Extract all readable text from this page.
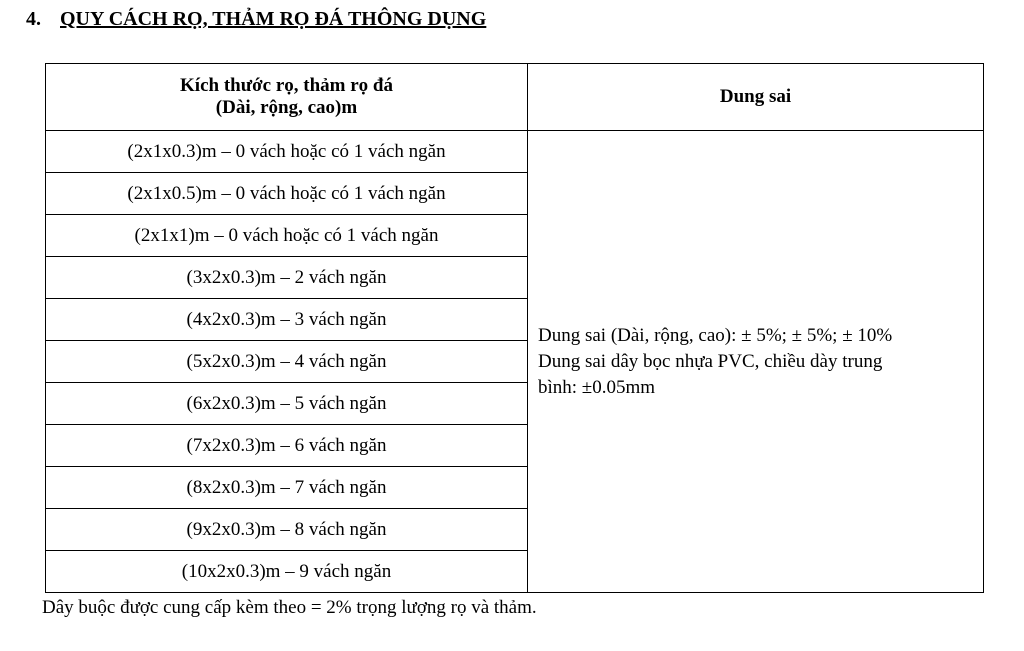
4. QUY CÁCH RỌ, THẢM RỌ ĐÁ THÔNG DỤNG
Kích thước rọ, thảm rọ đá
(Dài, rộng, cao)m	Dung sai
(2x1x0.3)m – 0 vách hoặc có 1 vách ngăn	Dung sai (Dài, rộng, cao): ± 5%; ± 5%; ± 10%
Dung sai dây bọc nhựa PVC, chiều dày trung
bình: ±0.05mm

(2x1x0.5)m – 0 vách hoặc có 1 vách ngăn	
(2x1x1)m – 0 vách hoặc có 1 vách ngăn	
(3x2x0.3)m – 2 vách ngăn	
(4x2x0.3)m – 3 vách ngăn	
(5x2x0.3)m – 4 vách ngăn	
(6x2x0.3)m – 5 vách ngăn	
(7x2x0.3)m – 6 vách ngăn	
(8x2x0.3)m – 7 vách ngăn	
(9x2x0.3)m – 8 vách ngăn	
(10x2x0.3)m – 9 vách ngăn	
Dây buộc được cung cấp kèm theo = 2% trọng lượng rọ và thảm.
